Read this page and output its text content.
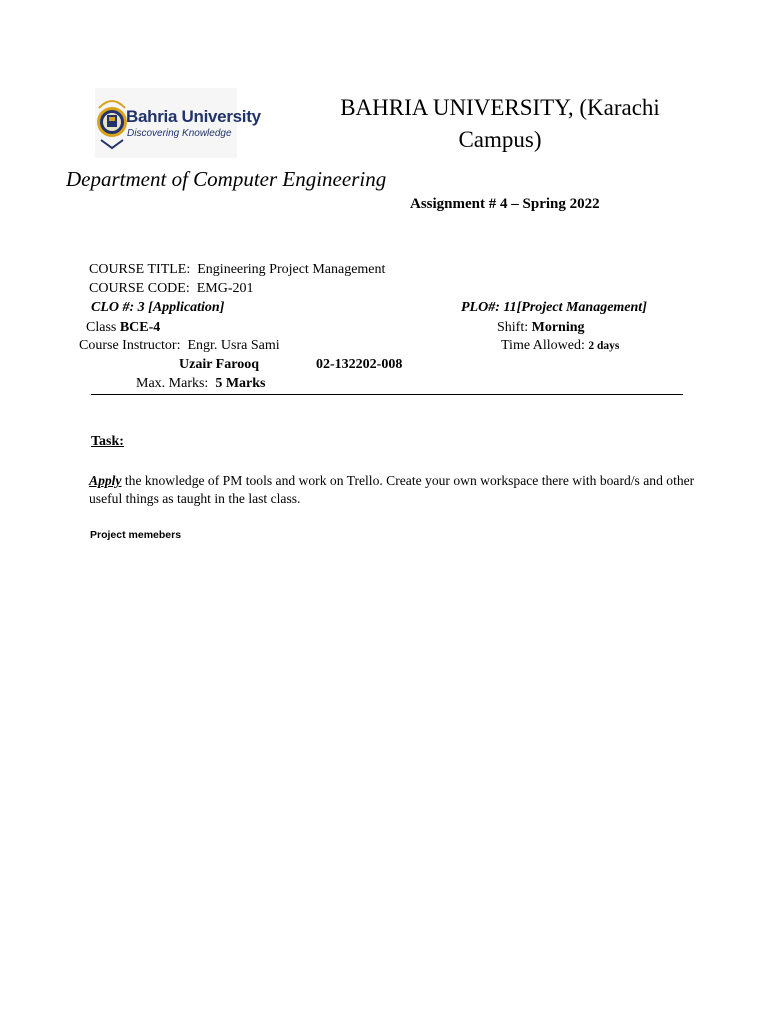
Bahria University
Discovering Knowledge
BAHRIA UNIVERSITY, (Karachi
Campus)
Department of Computer Engineering
Assignment # 4 – Spring 2022
COURSE TITLE: Engineering Project Management
COURSE CODE: EMG-201
CLO #: 3 [Application]	PLO#: 11[Project Management]
Class BCE-4	Shift: Morning
Course Instructor: Engr. Usra Sami	Time Allowed: 2 days
Uzair Farooq	02-132202-008
Max. Marks: 5 Marks
Task:
Apply the knowledge of PM tools and work on Trello. Create your own workspace there with board/s and other useful things as taught in the last class.
Project memebers
